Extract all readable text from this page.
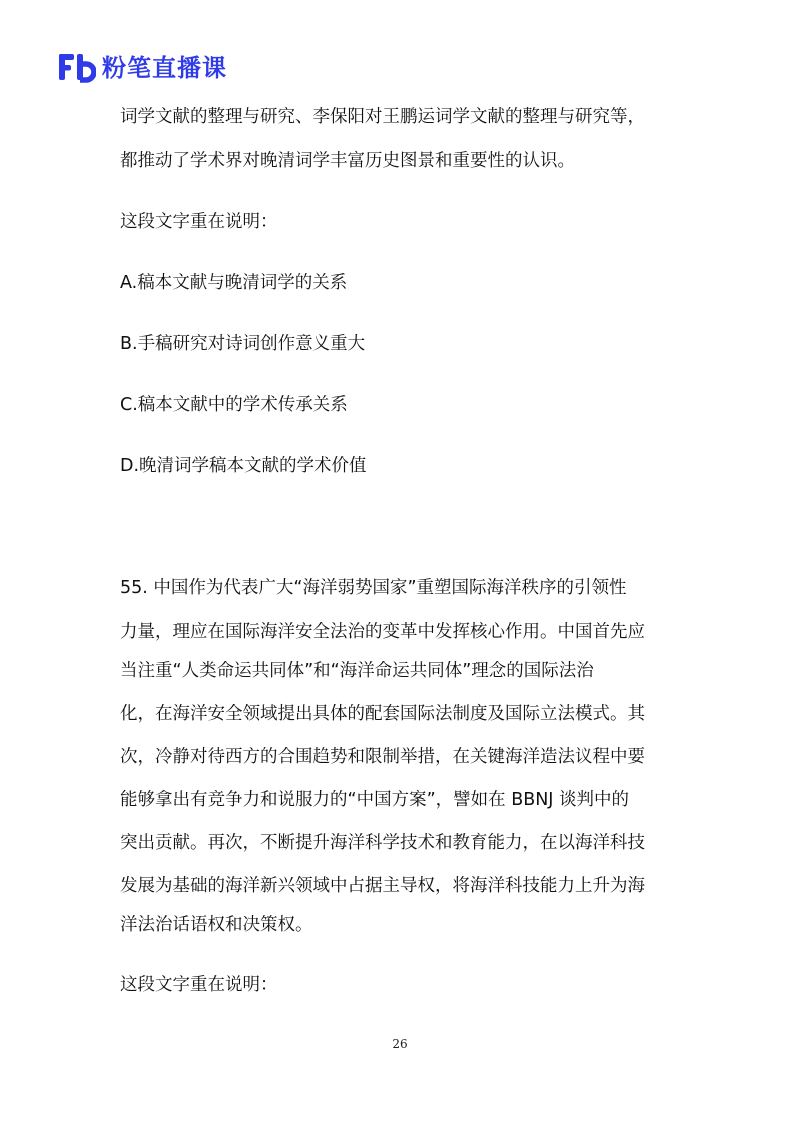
粉笔直播课
词学文献的整理与研究、李保阳对王鹏运词学文献的整理与研究等，
都推动了学术界对晚清词学丰富历史图景和重要性的认识。
这段文字重在说明：
A.稿本文献与晚清词学的关系
B.手稿研究对诗词创作意义重大
C.稿本文献中的学术传承关系
D.晚清词学稿本文献的学术价值
55. 中国作为代表广大“海洋弱势国家”重塑国际海洋秩序的引领性
力量，理应在国际海洋安全法治的变革中发挥核心作用。中国首先应
当注重“人类命运共同体”和“海洋命运共同体”理念的国际法治
化，在海洋安全领域提出具体的配套国际法制度及国际立法模式。其
次，冷静对待西方的合围趋势和限制举措，在关键海洋造法议程中要
能够拿出有竞争力和说服力的“中国方案”，譬如在 BBNJ 谈判中的
突出贡献。再次，不断提升海洋科学技术和教育能力，在以海洋科技
发展为基础的海洋新兴领域中占据主导权，将海洋科技能力上升为海
洋法治话语权和决策权。
这段文字重在说明：
26
